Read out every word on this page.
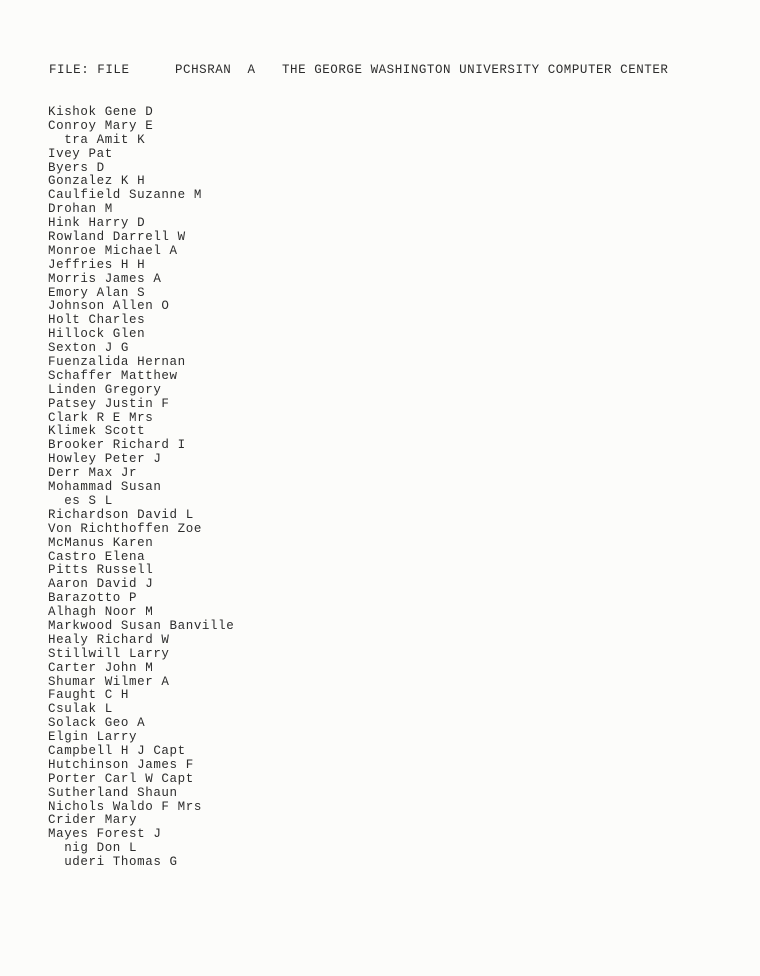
FILE: FILE	PCHSRAN  A	THE GEORGE WASHINGTON UNIVERSITY COMPUTER CENTER
Kishok Gene D
Conroy Mary E
tra Amit K
Ivey Pat
Byers D
Gonzalez K H
Caulfield Suzanne M
Drohan M
Hink Harry D
Rowland Darrell W
Monroe Michael A
Jeffries H H
Morris James A
Emory Alan S
Johnson Allen O
Holt Charles
Hillock Glen
Sexton J G
Fuenzalida Hernan
Schaffer Matthew
Linden Gregory
Patsey Justin F
Clark R E Mrs
Klimek Scott
Brooker Richard I
Howley Peter J
Derr Max Jr
Mohammad Susan
es S L
Richardson David L
Von Richthoffen Zoe
McManus Karen
Castro Elena
Pitts Russell
Aaron David J
Barazotto P
Alhagh Noor M
Markwood Susan Banville
Healy Richard W
Stillwill Larry
Carter John M
Shumar Wilmer A
Faught C H
Csulak L
Solack Geo A
Elgin Larry
Campbell H J Capt
Hutchinson James F
Porter Carl W Capt
Sutherland Shaun
Nichols Waldo F Mrs
Crider Mary
Mayes Forest J
nig Don L
uderi Thomas G
